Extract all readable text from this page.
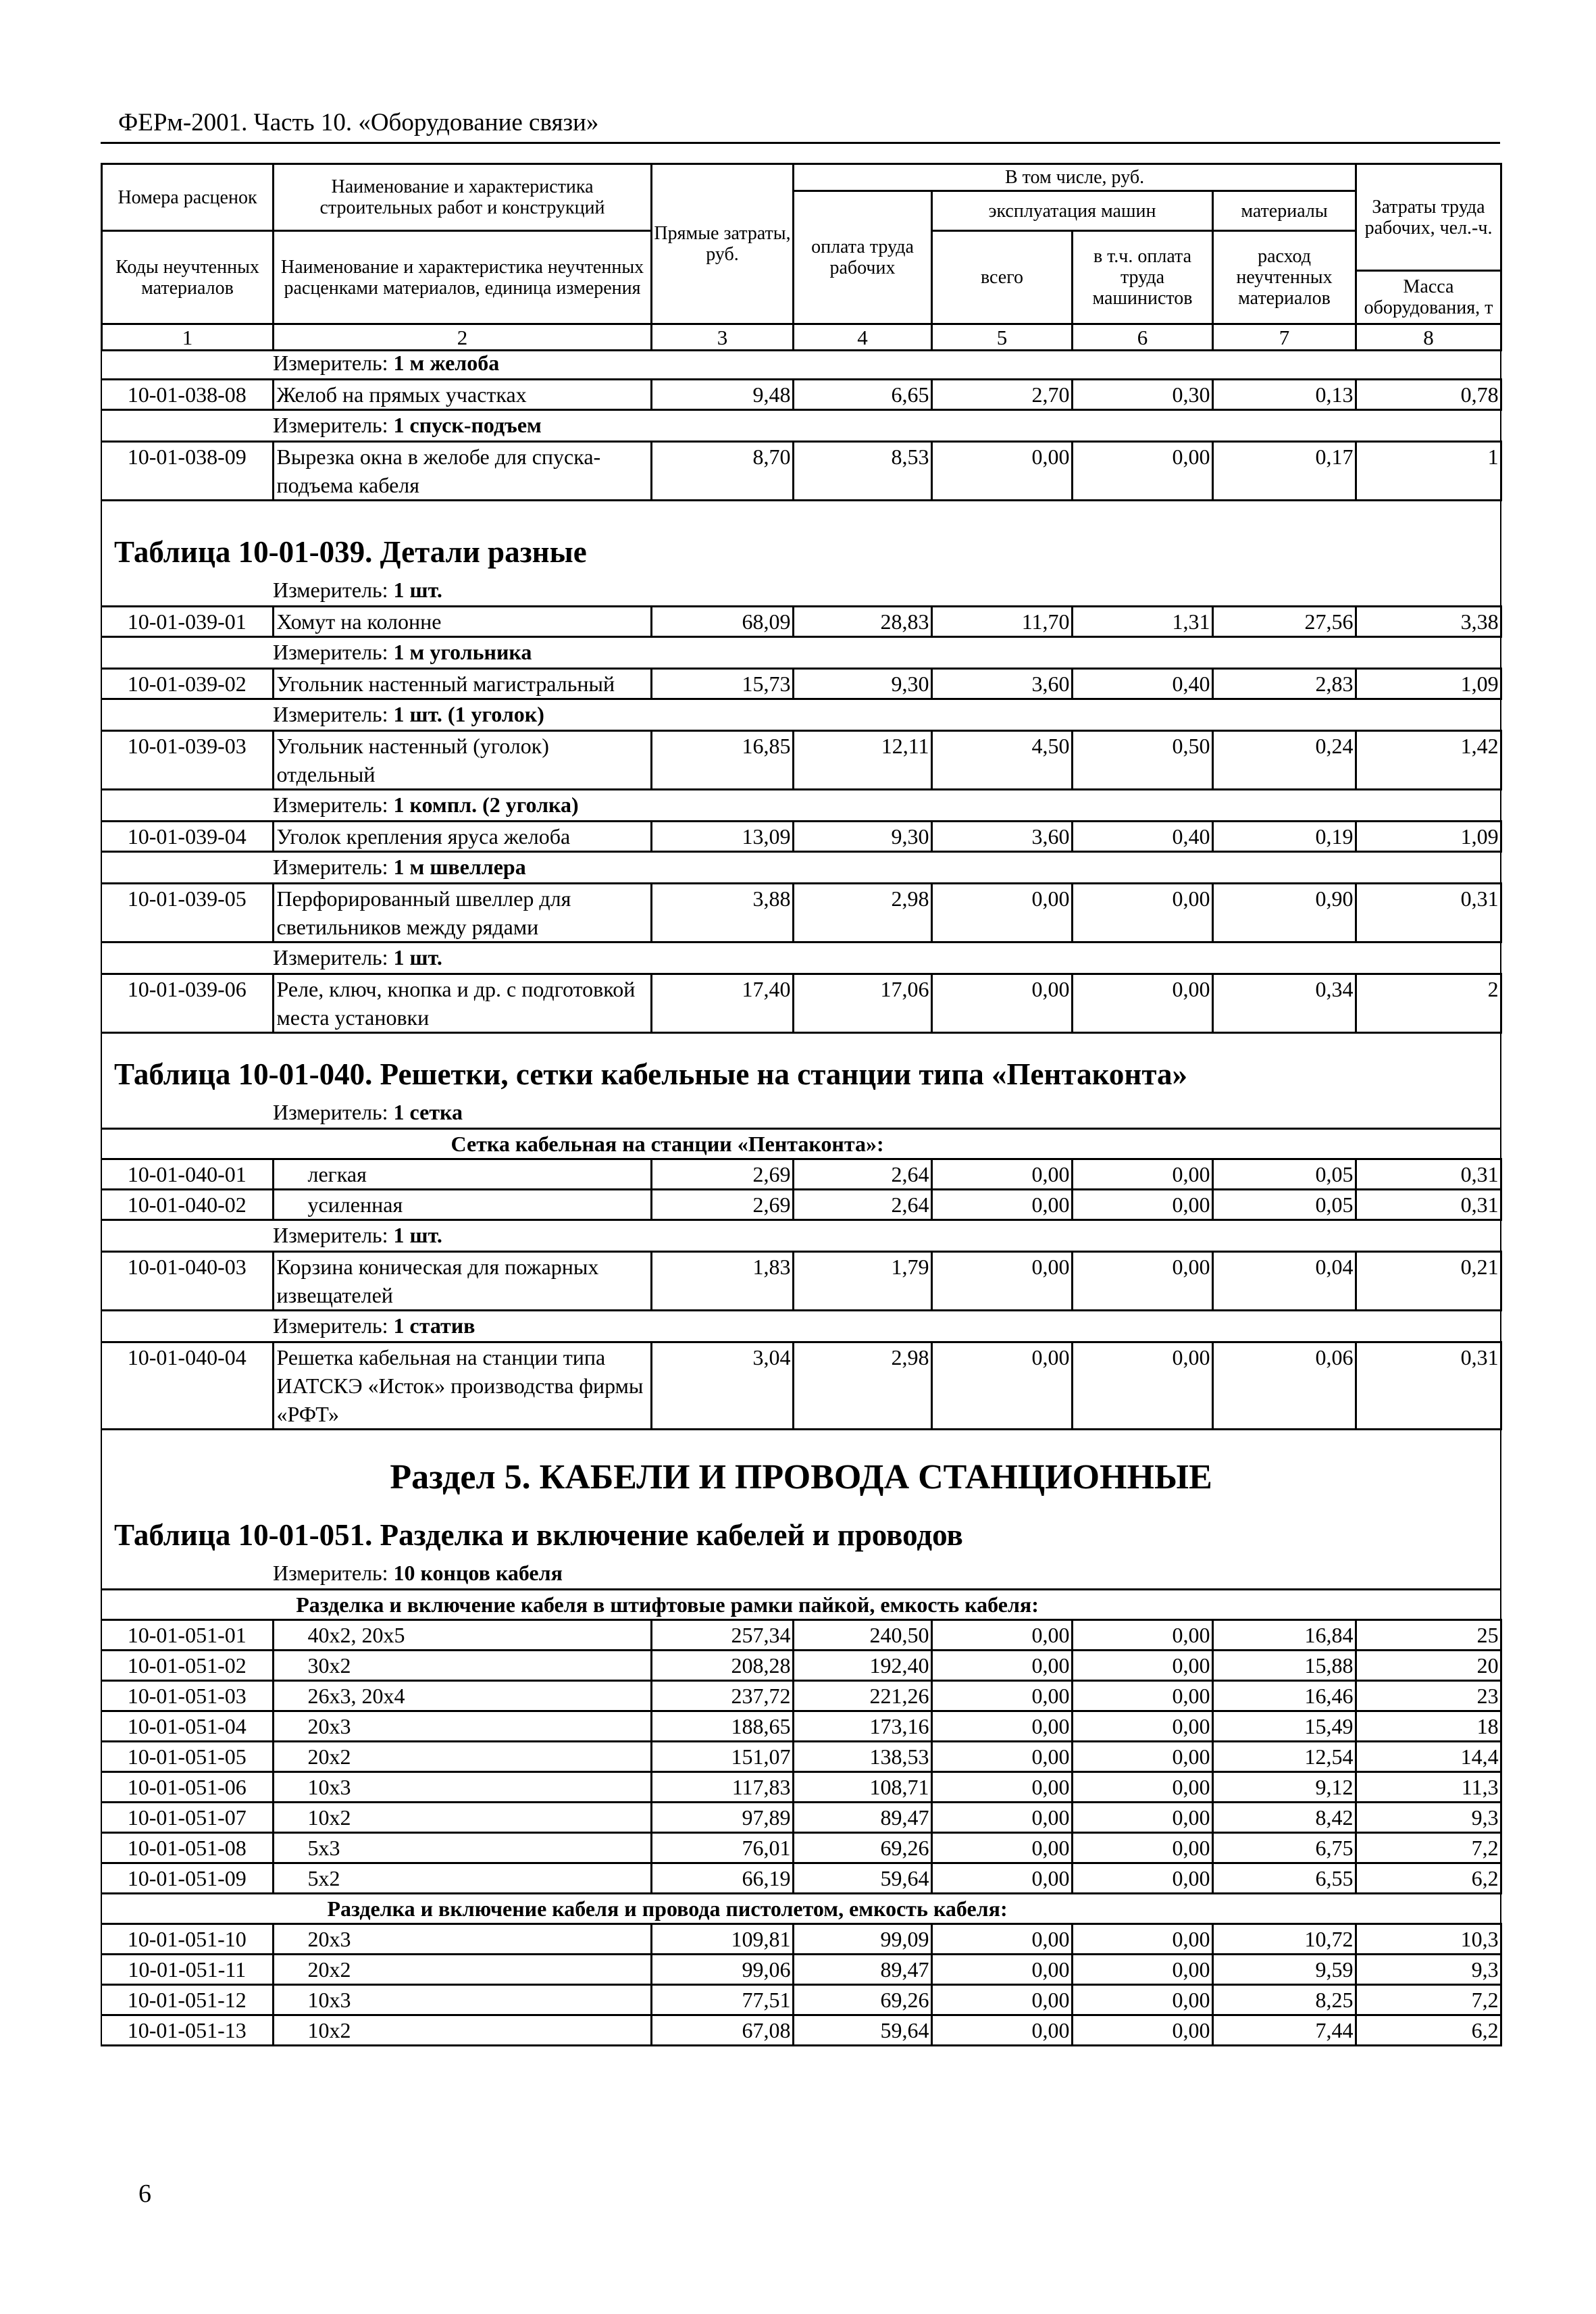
ФЕРм-2001. Часть 10. «Оборудование связи»
Номера расценок	Наименование и характеристика строительных работ и конструкций	Прямые затраты, руб.	В том числе, руб.				Затраты труда рабочих, чел.-ч.
			оплата труда рабочих	эксплуатация машин		материалы	
Коды неучтенных материалов	Наименование и характеристика неучтенных расценками материалов, единица измерения			всего	в т.ч. оплата труда машинистов	расход неучтенных материалов	
							Масса оборудования, т
1	2	3	4	5	6	7	8
	Измеритель: 1 м желоба						
10-01-038-08	Желоб на прямых участках	9,48	6,65	2,70	0,30	0,13	0,78
	Измеритель: 1 спуск-подъем						
10-01-038-09	Вырезка окна в желобе для спуска-подъема кабеля	8,70	8,53	0,00	0,00	0,17	1
Таблица 10-01-039. Детали разные							
	Измеритель: 1 шт.						
10-01-039-01	Хомут на колонне	68,09	28,83	11,70	1,31	27,56	3,38
	Измеритель: 1 м угольника						
10-01-039-02	Угольник настенный магистральный	15,73	9,30	3,60	0,40	2,83	1,09
	Измеритель: 1 шт. (1 уголок)						
10-01-039-03	Угольник настенный (уголок) отдельный	16,85	12,11	4,50	0,50	0,24	1,42
	Измеритель: 1 компл. (2 уголка)						
10-01-039-04	Уголок крепления яруса желоба	13,09	9,30	3,60	0,40	0,19	1,09
	Измеритель: 1 м швеллера						
10-01-039-05	Перфорированный швеллер для светильников между рядами	3,88	2,98	0,00	0,00	0,90	0,31
	Измеритель: 1 шт.						
10-01-039-06	Реле, ключ, кнопка и др. с подготовкой места установки	17,40	17,06	0,00	0,00	0,34	2
Таблица 10-01-040. Решетки, сетки кабельные на станции типа «Пентаконта»							
	Измеритель: 1 сетка						
Сетка кабельная на станции «Пентаконта»:							
10-01-040-01	легкая	2,69	2,64	0,00	0,00	0,05	0,31
10-01-040-02	усиленная	2,69	2,64	0,00	0,00	0,05	0,31
	Измеритель: 1 шт.						
10-01-040-03	Корзина коническая для пожарных извещателей	1,83	1,79	0,00	0,00	0,04	0,21
	Измеритель: 1 статив						
10-01-040-04	Решетка кабельная на станции типа ИАТСКЭ «Исток» производства фирмы «РФТ»	3,04	2,98	0,00	0,00	0,06	0,31
Раздел 5. КАБЕЛИ И ПРОВОДА СТАНЦИОННЫЕ							
Таблица 10-01-051. Разделка и включение кабелей и проводов							
	Измеритель: 10 концов кабеля						
Разделка и включение кабеля в штифтовые рамки пайкой, емкость кабеля:							
10-01-051-01	40x2, 20x5	257,34	240,50	0,00	0,00	16,84	25
10-01-051-02	30x2	208,28	192,40	0,00	0,00	15,88	20
10-01-051-03	26x3, 20x4	237,72	221,26	0,00	0,00	16,46	23
10-01-051-04	20x3	188,65	173,16	0,00	0,00	15,49	18
10-01-051-05	20x2	151,07	138,53	0,00	0,00	12,54	14,4
10-01-051-06	10x3	117,83	108,71	0,00	0,00	9,12	11,3
10-01-051-07	10x2	97,89	89,47	0,00	0,00	8,42	9,3
10-01-051-08	5x3	76,01	69,26	0,00	0,00	6,75	7,2
10-01-051-09	5x2	66,19	59,64	0,00	0,00	6,55	6,2
Разделка и включение кабеля и провода пистолетом, емкость кабеля:							
10-01-051-10	20x3	109,81	99,09	0,00	0,00	10,72	10,3
10-01-051-11	20x2	99,06	89,47	0,00	0,00	9,59	9,3
10-01-051-12	10x3	77,51	69,26	0,00	0,00	8,25	7,2
10-01-051-13	10x2	67,08	59,64	0,00	0,00	7,44	6,2
6
